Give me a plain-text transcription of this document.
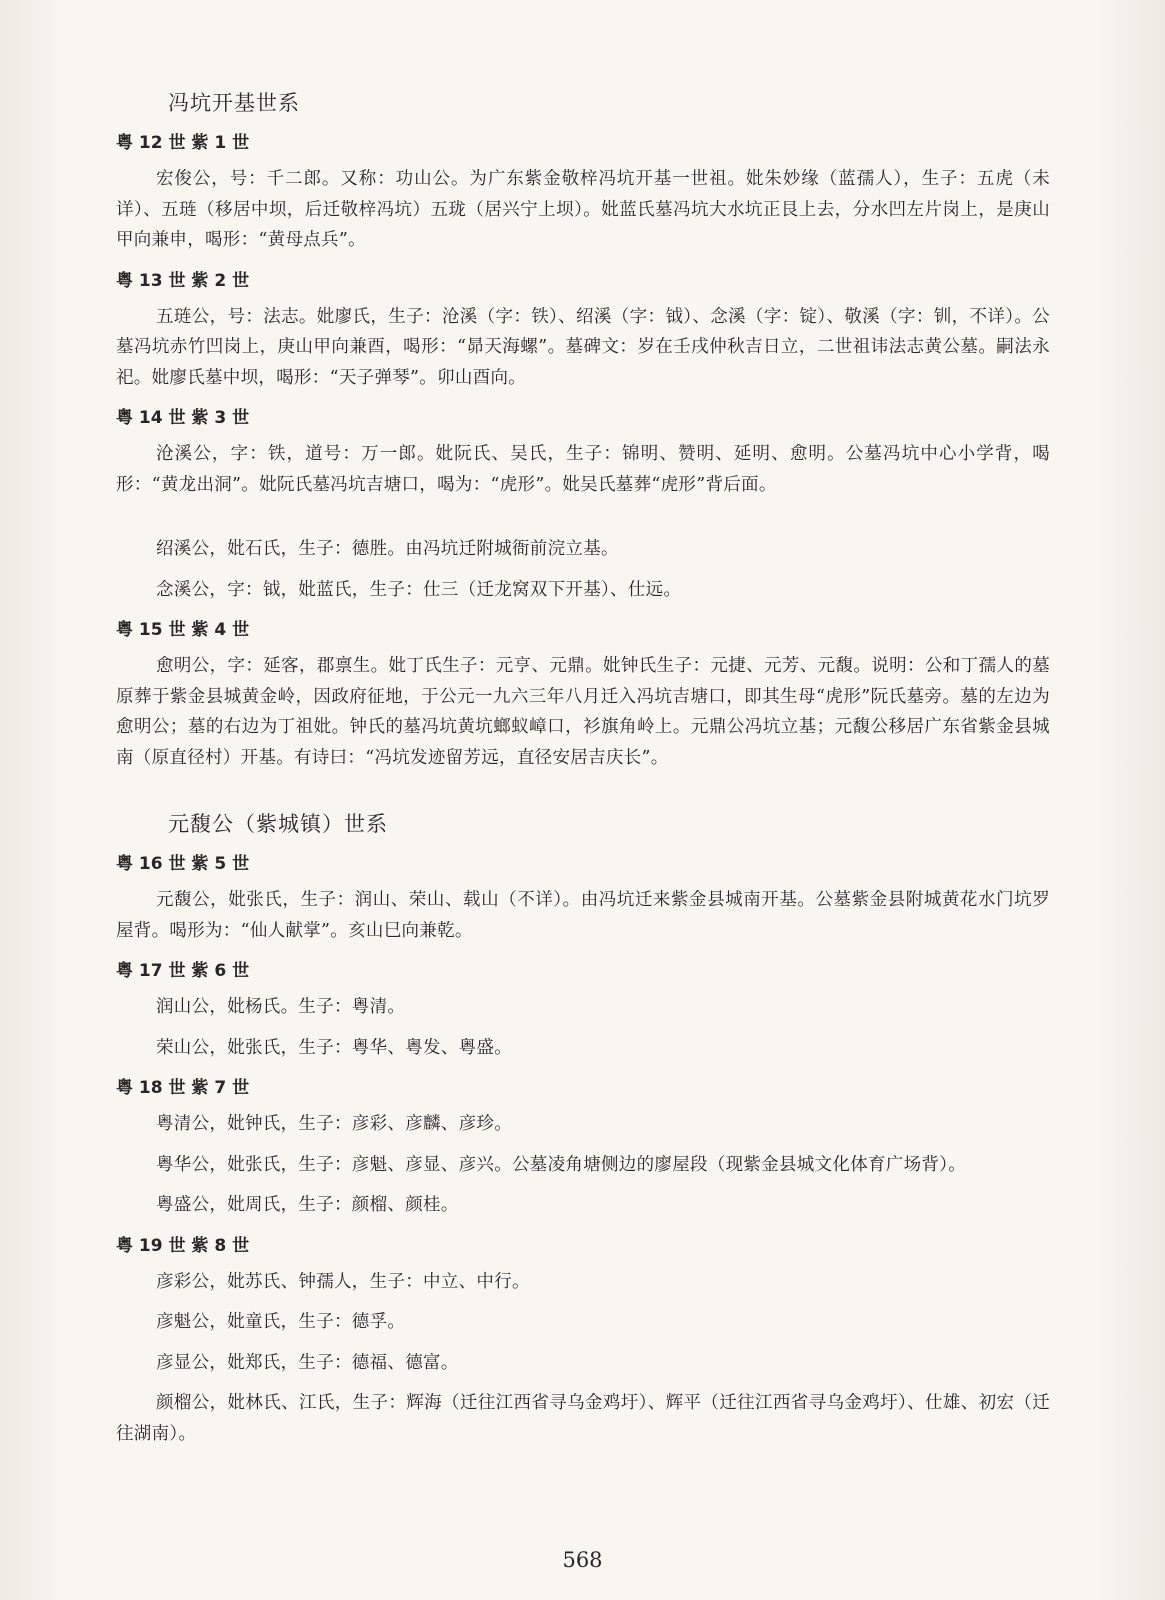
冯坑开基世系
粤 12 世 紫 1 世

宏俊公，号：千二郎。又称：功山公。为广东紫金敬梓冯坑开基一世祖。妣朱妙缘（蓝孺人），生子：五虎（未详）、五琏（移居中坝，后迁敬梓冯坑）五珑（居兴宁上坝）。妣蓝氏墓冯坑大水坑正艮上去，分水凹左片岗上，是庚山甲向兼申，喝形：“黄母点兵”。

粤 13 世 紫 2 世

五琏公，号：法志。妣廖氏，生子：沧溪（字：铁）、绍溪（字：钺）、念溪（字：锭）、敬溪（字：钏，不详）。公墓冯坑赤竹凹岗上，庚山甲向兼酉，喝形：“昴天海螺”。墓碑文：岁在壬戌仲秋吉日立，二世祖讳法志黄公墓。嗣法永祀。妣廖氏墓中坝，喝形：“天子弹琴”。卯山酉向。

粤 14 世 紫 3 世

沧溪公，字：铁，道号：万一郎。妣阮氏、吴氏，生子：锦明、赞明、延明、愈明。公墓冯坑中心小学背，喝形：“黄龙出洞”。妣阮氏墓冯坑吉塘口，喝为：“虎形”。妣吴氏墓葬“虎形”背后面。

绍溪公，妣石氏，生子：德胜。由冯坑迁附城衙前浣立基。

念溪公，字：钺，妣蓝氏，生子：仕三（迁龙窝双下开基）、仕远。

粤 15 世 紫 4 世

愈明公，字：延客，郡禀生。妣丁氏生子：元亨、元鼎。妣钟氏生子：元捷、元芳、元馥。说明：公和丁孺人的墓原葬于紫金县城黄金岭，因政府征地，于公元一九六三年八月迁入冯坑吉塘口，即其生母“虎形”阮氏墓旁。墓的左边为愈明公；墓的右边为丁祖妣。钟氏的墓冯坑黄坑螂蚁嶂口，衫旗角岭上。元鼎公冯坑立基；元馥公移居广东省紫金县城南（原直径村）开基。有诗曰：“冯坑发迹留芳远，直径安居吉庆长”。

元馥公（紫城镇）世系
粤 16 世 紫 5 世

元馥公，妣张氏，生子：润山、荣山、载山（不详）。由冯坑迁来紫金县城南开基。公墓紫金县附城黄花水门坑罗屋背。喝形为：“仙人献掌”。亥山巳向兼乾。

粤 17 世 紫 6 世

润山公，妣杨氏。生子：粤清。

荣山公，妣张氏，生子：粤华、粤发、粤盛。

粤 18 世 紫 7 世

粤清公，妣钟氏，生子：彦彩、彦麟、彦珍。

粤华公，妣张氏，生子：彦魁、彦显、彦兴。公墓凌角塘侧边的廖屋段（现紫金县城文化体育广场背）。

粤盛公，妣周氏，生子：颜榴、颜桂。

粤 19 世 紫 8 世

彦彩公，妣苏氏、钟孺人，生子：中立、中行。

彦魁公，妣童氏，生子：德孚。

彦显公，妣郑氏，生子：德福、德富。

颜榴公，妣林氏、江氏，生子：辉海（迁往江西省寻乌金鸡圩）、辉平（迁往江西省寻乌金鸡圩）、仕雄、初宏（迁往湖南）。

568
